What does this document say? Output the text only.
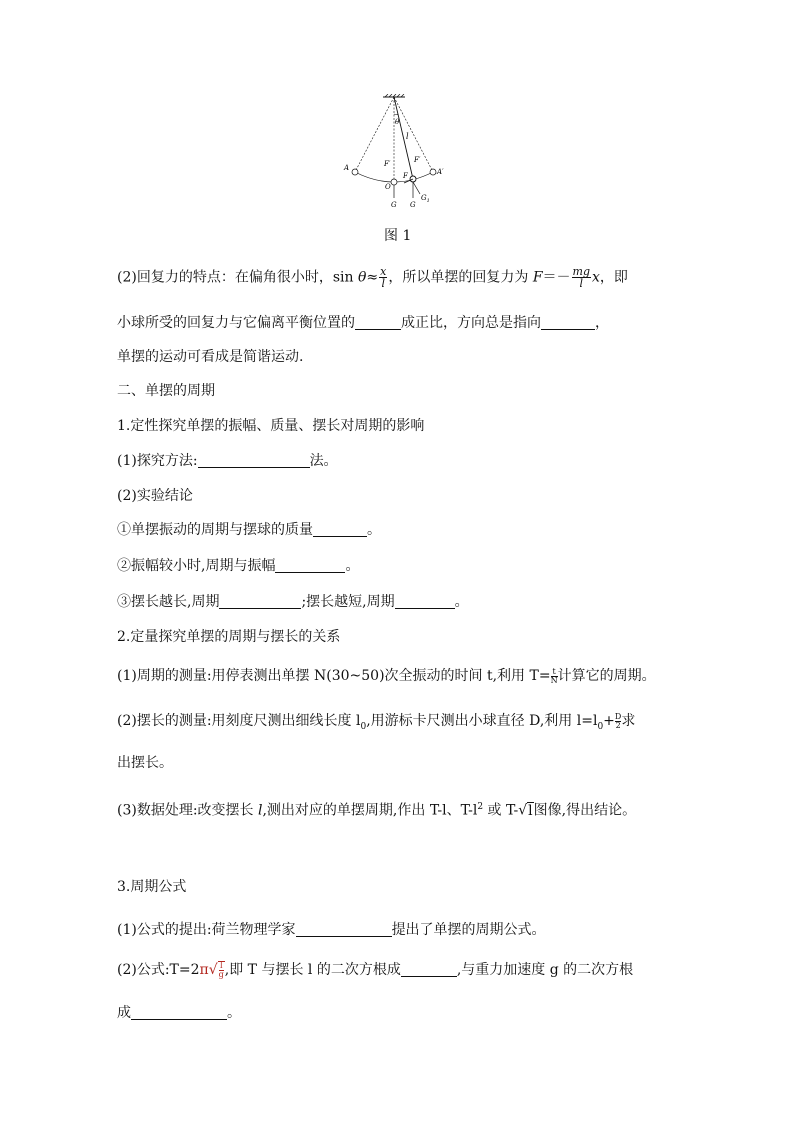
θ
l
A	A′
O
F′	F′
F
G G
$G_1$
图 1
(2)回复力的特点：在偏角很小时，$\sin \theta\approx \frac{x}{l}$ ，所以单摆的回复力为 $F=- \frac{mg}{l}$ x，即
小球所受的回复力与它偏离平衡位置的	成正比，方向总是指向	，
单摆的运动可看成是简谐运动.
二、单摆的周期
1.定性探究单摆的振幅、质量、摆长对周期的影响
(1)探究方法:	法。
(2)实验结论
①单摆振动的周期与摆球的质量	。
②振幅较小时,周期与振幅	。
③摆长越长,周期	;摆长越短,周期	。
2.定量探究单摆的周期与摆长的关系
(1)周期的测量:用停表测出单摆 N(30~50)次全振动的时间 t,利用 $T= \frac{t}{N}$计算它的周期。
(2)摆长的测量:用刻度尺测出细线长度 $l_0$,用游标卡尺测出小球直径 D,利用 $l=l_0+ \frac{D}{2}$求
出摆长。
(3)数据处理:改变摆长 l,测出对应的单摆周期,作出 T-l、$T-l^2$ 或 T-√l图像,得出结论。
3.周期公式
(1)公式的提出:荷兰物理学家	提出了单摆的周期公式。
(2)公式:T=2π√ $\frac{l}{g}$,即 T 与摆长 l 的二次方根成	,与重力加速度 g 的二次方根
成	。
